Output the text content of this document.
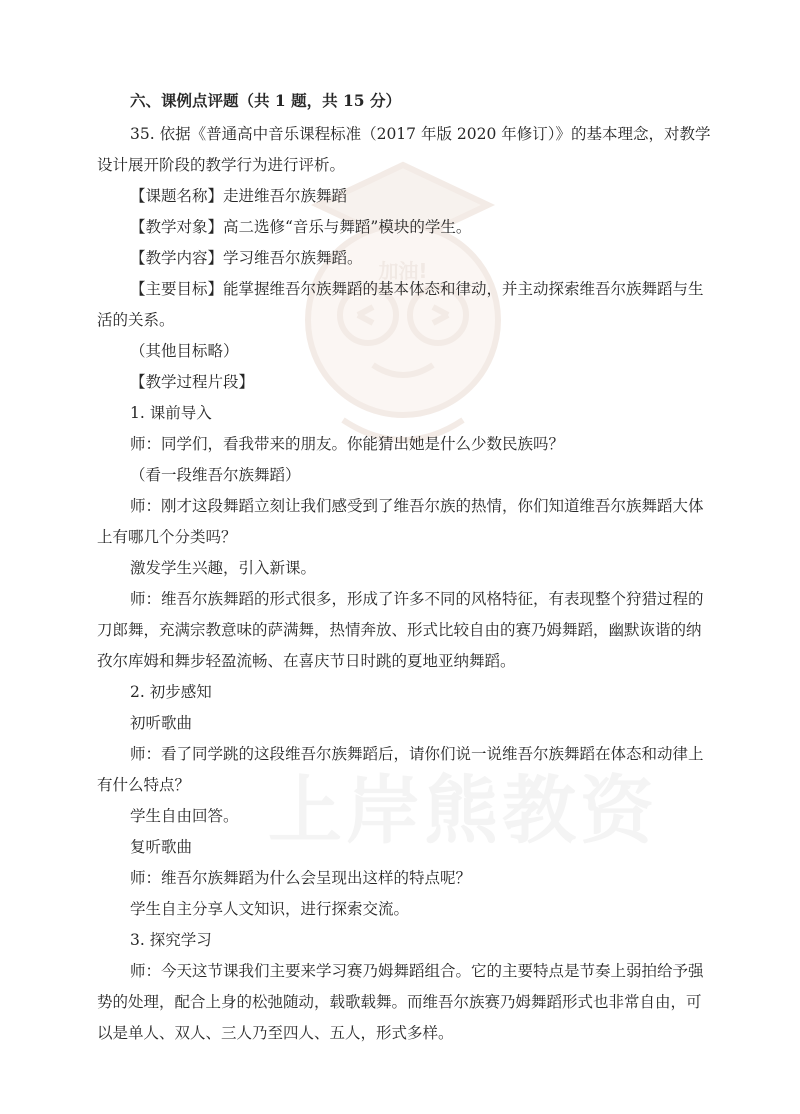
加油!
上岸熊教资
六、课例点评题（共 1 题，共 15 分）
35. 依据《普通高中音乐课程标准（2017 年版 2020 年修订）》的基本理念，对教学
设计展开阶段的教学行为进行评析。
【课题名称】走进维吾尔族舞蹈
【教学对象】高二选修“音乐与舞蹈”模块的学生。
【教学内容】学习维吾尔族舞蹈。
【主要目标】能掌握维吾尔族舞蹈的基本体态和律动，并主动探索维吾尔族舞蹈与生
活的关系。
（其他目标略）
【教学过程片段】
1. 课前导入
师：同学们，看我带来的朋友。你能猜出她是什么少数民族吗？
（看一段维吾尔族舞蹈）
师：刚才这段舞蹈立刻让我们感受到了维吾尔族的热情，你们知道维吾尔族舞蹈大体
上有哪几个分类吗？
激发学生兴趣，引入新课。
师：维吾尔族舞蹈的形式很多，形成了许多不同的风格特征，有表现整个狩猎过程的
刀郎舞，充满宗教意味的萨满舞，热情奔放、形式比较自由的赛乃姆舞蹈，幽默诙谐的纳
孜尔库姆和舞步轻盈流畅、在喜庆节日时跳的夏地亚纳舞蹈。
2. 初步感知
初听歌曲
师：看了同学跳的这段维吾尔族舞蹈后，请你们说一说维吾尔族舞蹈在体态和动律上
有什么特点？
学生自由回答。
复听歌曲
师：维吾尔族舞蹈为什么会呈现出这样的特点呢？
学生自主分享人文知识，进行探索交流。
3. 探究学习
师：今天这节课我们主要来学习赛乃姆舞蹈组合。它的主要特点是节奏上弱拍给予强
势的处理，配合上身的松弛随动，载歌载舞。而维吾尔族赛乃姆舞蹈形式也非常自由，可
以是单人、双人、三人乃至四人、五人，形式多样。
